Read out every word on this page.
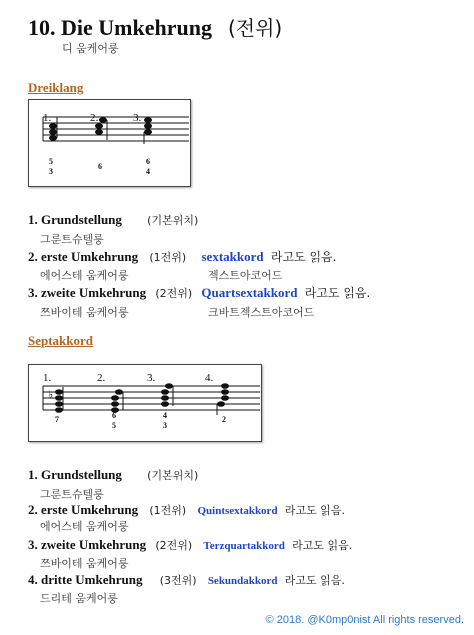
10. Die Umkehrung (전위)
디 움케어룽
Dreiklang
1.	2.	3.
5
3
6
6
4
1. Grundstellung (기본위치)
그룬트슈텔룽
2. erste Umkehrung (1전위) sextakkord 라고도 읽음.
에어스테 움케어룽	젝스트아코어드
3. zweite Umkehrung (2전위) Quartsextakkord 라고도 읽음.
쯔바이테 움케어룽	크바트젝스트아코어드
Septakkord
♭
1.	2.	3.	4.
7	6
5
4
3
2
1. Grundstellung (기본위치)
그룬트슈텔룽
2. erste Umkehrung (1전위) Quintsextakkord 라고도 읽음.
에어스테 움케어룽
3. zweite Umkehrung (2전위) Terzquartakkord 라고도 읽음.
쯔바이테 움케어룽
4. dritte Umkehrung (3전위) Sekundakkord 라고도 읽음.
드리테 움케어룽
© 2018. @K0mp0nist All rights reserved.
